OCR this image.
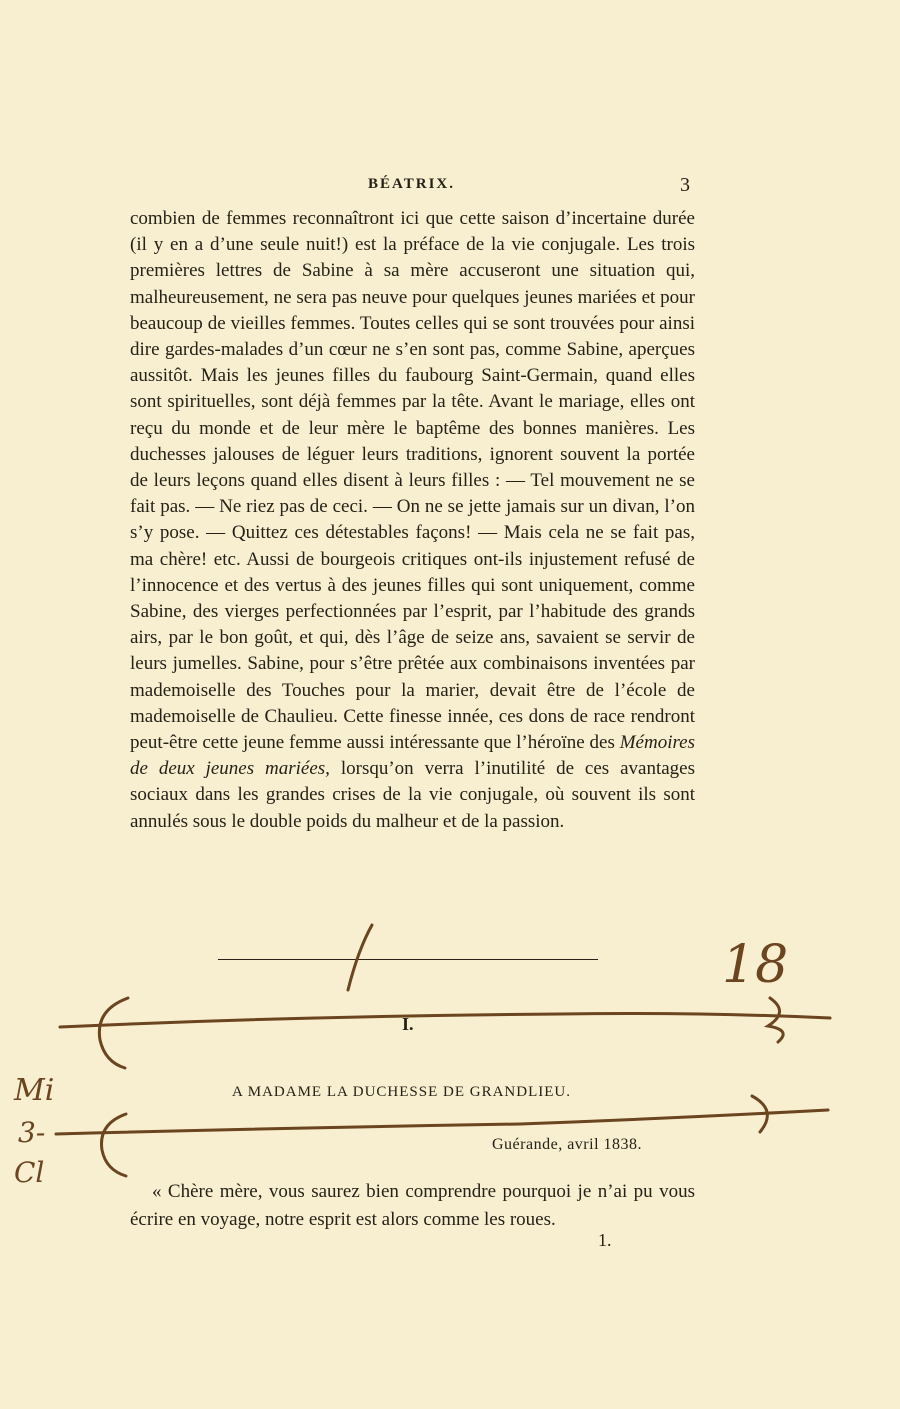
BÉATRIX.	3

combien de femmes reconnaîtront ici que cette saison d’incertaine durée (il y en a d’une seule nuit!) est la préface de la vie conjugale. Les trois premières lettres de Sabine à sa mère accuseront une situation qui, malheureusement, ne sera pas neuve pour quelques jeunes mariées et pour beaucoup de vieilles femmes. Toutes celles qui se sont trouvées pour ainsi dire gardes-malades d’un cœur ne s’en sont pas, comme Sabine, aperçues aussitôt. Mais les jeunes filles du faubourg Saint-Germain, quand elles sont spirituelles, sont déjà femmes par la tête. Avant le mariage, elles ont reçu du monde et de leur mère le baptême des bonnes manières. Les duchesses jalouses de léguer leurs traditions, ignorent souvent la portée de leurs leçons quand elles disent à leurs filles : — Tel mouvement ne se fait pas. — Ne riez pas de ceci. — On ne se jette jamais sur un divan, l’on s’y pose. — Quittez ces détestables façons! — Mais cela ne se fait pas, ma chère! etc. Aussi de bourgeois critiques ont-ils injustement refusé de l’innocence et des vertus à des jeunes filles qui sont uniquement, comme Sabine, des vierges perfectionnées par l’esprit, par l’habitude des grands airs, par le bon goût, et qui, dès l’âge de seize ans, savaient se servir de leurs jumelles. Sabine, pour s’être prêtée aux combinaisons inventées par mademoiselle des Touches pour la marier, devait être de l’école de mademoiselle de Chaulieu. Cette finesse innée, ces dons de race rendront peut-être cette jeune femme aussi intéressante que l’héroïne des Mémoires de deux jeunes mariées, lorsqu’on verra l’inutilité de ces avantages sociaux dans les grandes crises de la vie conjugale, où souvent ils sont annulés sous le double poids du malheur et de la passion.

I.
A MADAME LA DUCHESSE DE GRANDLIEU.
Guérande, avril 1838.

« Chère mère, vous saurez bien comprendre pourquoi je n’ai pu vous écrire en voyage, notre esprit est alors comme les roues.

1.
18
Mi
3-
Cl
